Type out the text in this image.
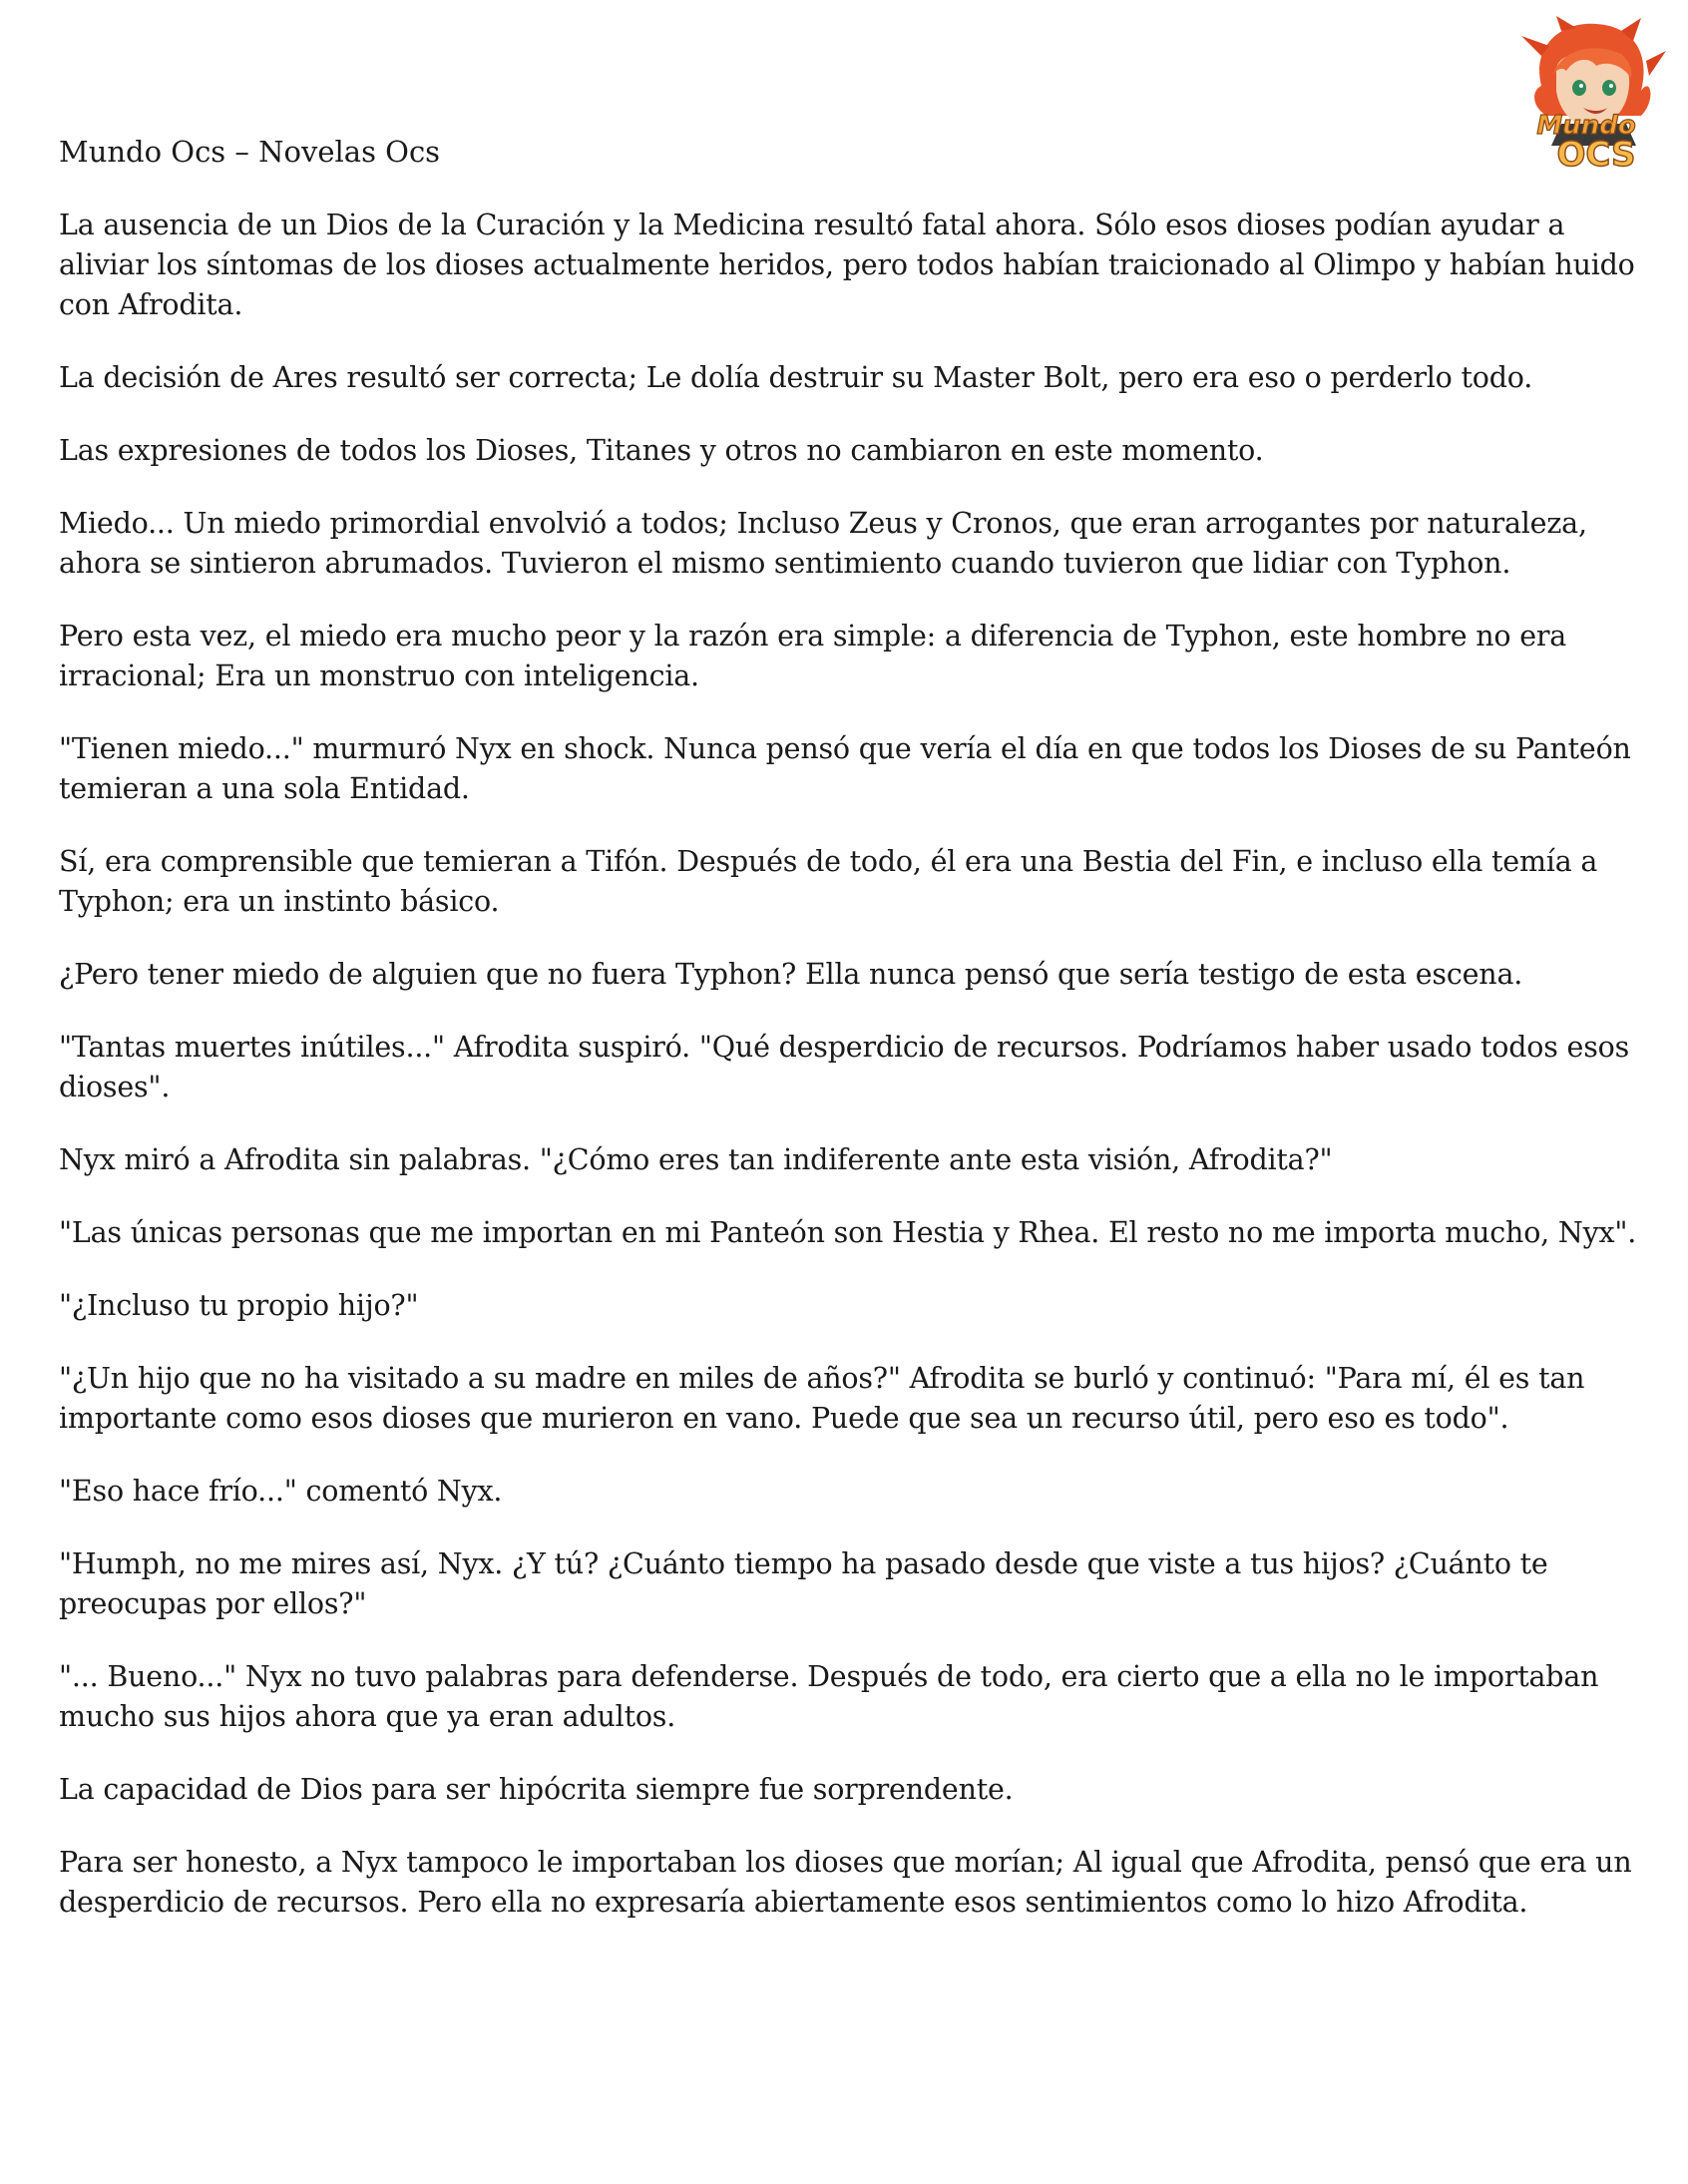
Mundo
OCS
Mundo Ocs – Novelas Ocs

La ausencia de un Dios de la Curación y la Medicina resultó fatal ahora. Sólo esos dioses podían ayudar a aliviar los síntomas de los dioses actualmente heridos, pero todos habían traicionado al Olimpo y habían huido con Afrodita.

La decisión de Ares resultó ser correcta; Le dolía destruir su Master Bolt, pero era eso o perderlo todo.

Las expresiones de todos los Dioses, Titanes y otros no cambiaron en este momento.

Miedo... Un miedo primordial envolvió a todos; Incluso Zeus y Cronos, que eran arrogantes por naturaleza, ahora se sintieron abrumados. Tuvieron el mismo sentimiento cuando tuvieron que lidiar con Typhon.

Pero esta vez, el miedo era mucho peor y la razón era simple: a diferencia de Typhon, este hombre no era irracional; Era un monstruo con inteligencia.

"Tienen miedo..." murmuró Nyx en shock. Nunca pensó que vería el día en que todos los Dioses de su Panteón temieran a una sola Entidad.

Sí, era comprensible que temieran a Tifón. Después de todo, él era una Bestia del Fin, e incluso ella temía a Typhon; era un instinto básico.

¿Pero tener miedo de alguien que no fuera Typhon? Ella nunca pensó que sería testigo de esta escena.

"Tantas muertes inútiles..." Afrodita suspiró. "Qué desperdicio de recursos. Podríamos haber usado todos esos dioses".

Nyx miró a Afrodita sin palabras. "¿Cómo eres tan indiferente ante esta visión, Afrodita?"

"Las únicas personas que me importan en mi Panteón son Hestia y Rhea. El resto no me importa mucho, Nyx".

"¿Incluso tu propio hijo?"

"¿Un hijo que no ha visitado a su madre en miles de años?" Afrodita se burló y continuó: "Para mí, él es tan importante como esos dioses que murieron en vano. Puede que sea un recurso útil, pero eso es todo".

"Eso hace frío..." comentó Nyx.

"Humph, no me mires así, Nyx. ¿Y tú? ¿Cuánto tiempo ha pasado desde que viste a tus hijos? ¿Cuánto te preocupas por ellos?"

"... Bueno..." Nyx no tuvo palabras para defenderse. Después de todo, era cierto que a ella no le importaban mucho sus hijos ahora que ya eran adultos.

La capacidad de Dios para ser hipócrita siempre fue sorprendente.

Para ser honesto, a Nyx tampoco le importaban los dioses que morían; Al igual que Afrodita, pensó que era un desperdicio de recursos. Pero ella no expresaría abiertamente esos sentimientos como lo hizo Afrodita.
